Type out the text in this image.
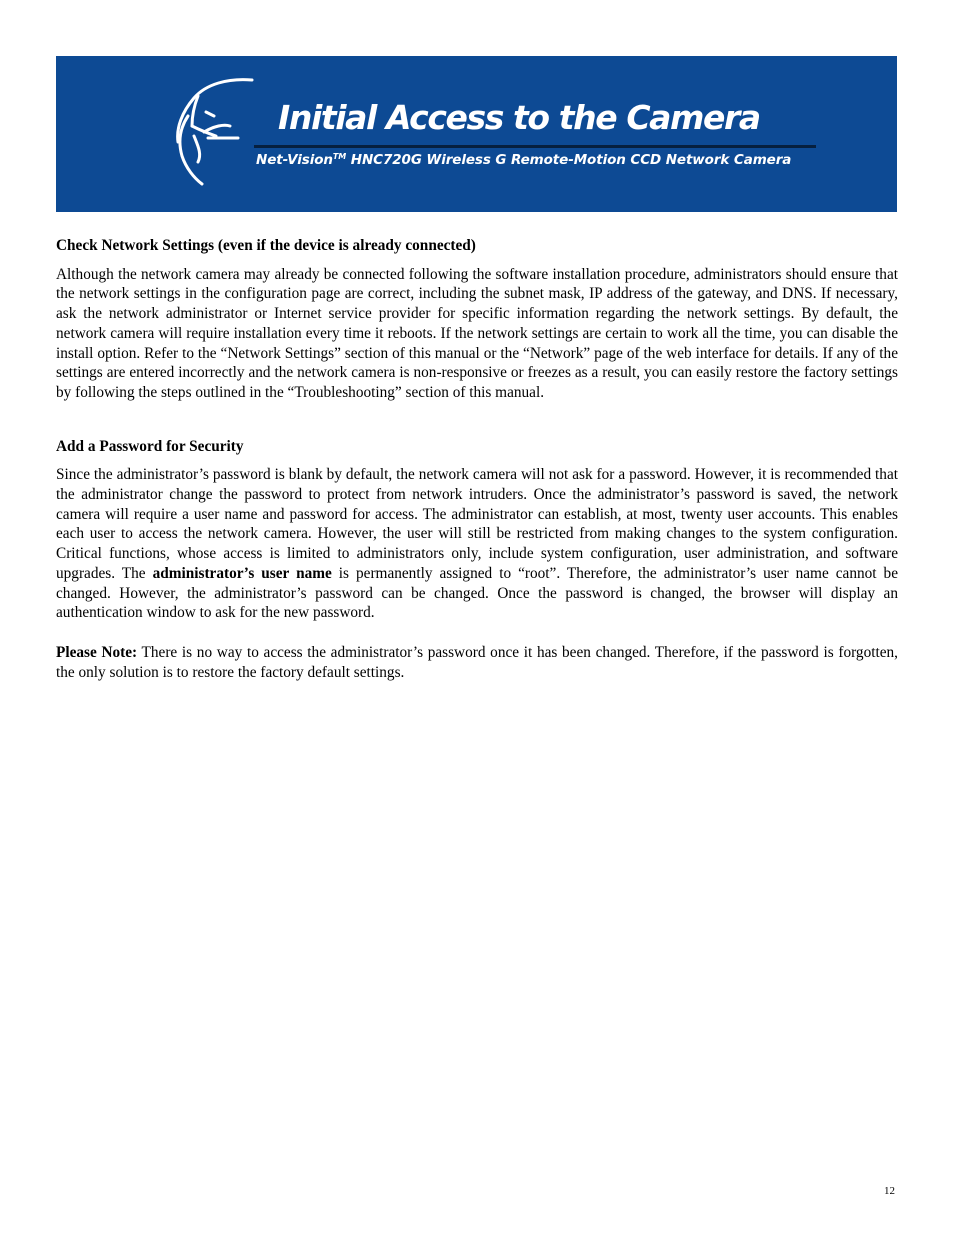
Initial Access to the Camera
Net-Vision™ HNC720G Wireless G Remote-Motion CCD Network Camera
Check Network Settings (even if the device is already connected)

Although the network camera may already be connected following the software installation procedure, administrators should ensure that the network settings in the configuration page are correct, including the subnet mask, IP address of the gateway, and DNS. If necessary, ask the network administrator or Internet service provider for specific information regarding the network settings. By default, the network camera will require installation every time it reboots. If the network settings are certain to work all the time, you can disable the install option. Refer to the “Network Settings” section of this manual or the “Network” page of the web interface for details. If any of the settings are entered incorrectly and the network camera is non-responsive or freezes as a result, you can easily restore the factory settings by following the steps outlined in the “Troubleshooting” section of this manual.

Add a Password for Security

Since the administrator’s password is blank by default, the network camera will not ask for a password. However, it is recommended that the administrator change the password to protect from network intruders. Once the administrator’s password is saved, the network camera will require a user name and password for access. The administrator can establish, at most, twenty user accounts. This enables each user to access the network camera. However, the user will still be restricted from making changes to the system configuration. Critical functions, whose access is limited to administrators only, include system configuration, user administration, and software upgrades. The administrator’s user name is permanently assigned to “root”. Therefore, the administrator’s user name cannot be changed. However, the administrator’s password can be changed. Once the password is changed, the browser will display an authentication window to ask for the new password.

Please Note: There is no way to access the administrator’s password once it has been changed. Therefore, if the password is forgotten, the only solution is to restore the factory default settings.

12
